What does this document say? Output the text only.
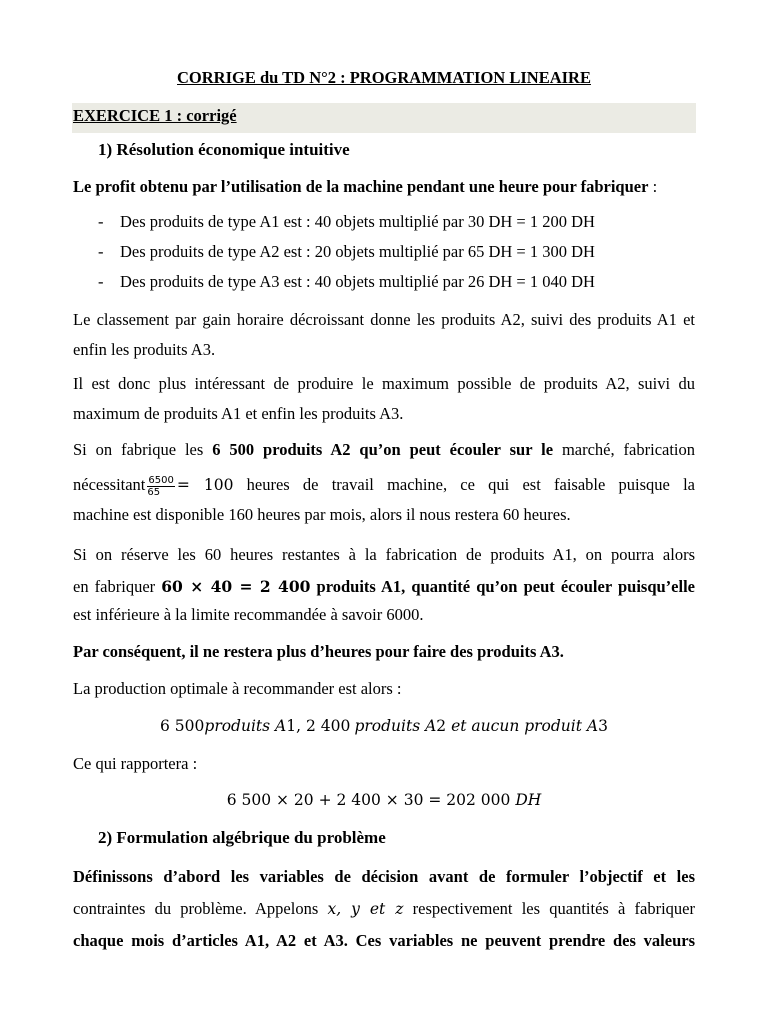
CORRIGE du TD N°2 : PROGRAMMATION LINEAIRE
EXERCICE 1 : corrigé
1) Résolution économique intuitive
Le profit obtenu par l’utilisation de la machine pendant une heure pour fabriquer :
- Des produits de type A1 est : 40 objets multiplié par 30 DH = 1 200 DH
- Des produits de type A2 est : 20 objets multiplié par 65 DH = 1 300 DH
- Des produits de type A3 est : 40 objets multiplié par 26 DH = 1 040 DH
Le classement par gain horaire décroissant donne les produits A2, suivi des produits A1 et enfin les produits A3.
Il est donc plus intéressant de produire le maximum possible de produits A2, suivi du maximum de produits A1 et enfin les produits A3.
Si on fabrique les 6 500 produits A2 qu’on peut écouler sur le marché, fabrication
nécessitant $\frac{6500}{65} = 100$ heures de travail machine, ce qui est faisable puisque la
machine est disponible 160 heures par mois, alors il nous restera 60 heures.
Si on réserve les 60 heures restantes à la fabrication de produits A1, on pourra alors
en fabriquer 60 × 40 = 2 400 produits A1, quantité qu’on peut écouler puisqu’elle
est inférieure à la limite recommandée à savoir 6000.
Par conséquent, il ne restera plus d’heures pour faire des produits A3.
La production optimale à recommander est alors :
6 500produits A1, 2 400 produits A2 et aucun produit A3
Ce qui rapportera :
6 500 × 20 + 2 400 × 30 = 202 000 DH
2) Formulation algébrique du problème
Définissons d’abord les variables de décision avant de formuler l’objectif et les
contraintes du problème. Appelons x, y et z respectivement les quantités à fabriquer
chaque mois d’articles A1, A2 et A3. Ces variables ne peuvent prendre des valeurs
